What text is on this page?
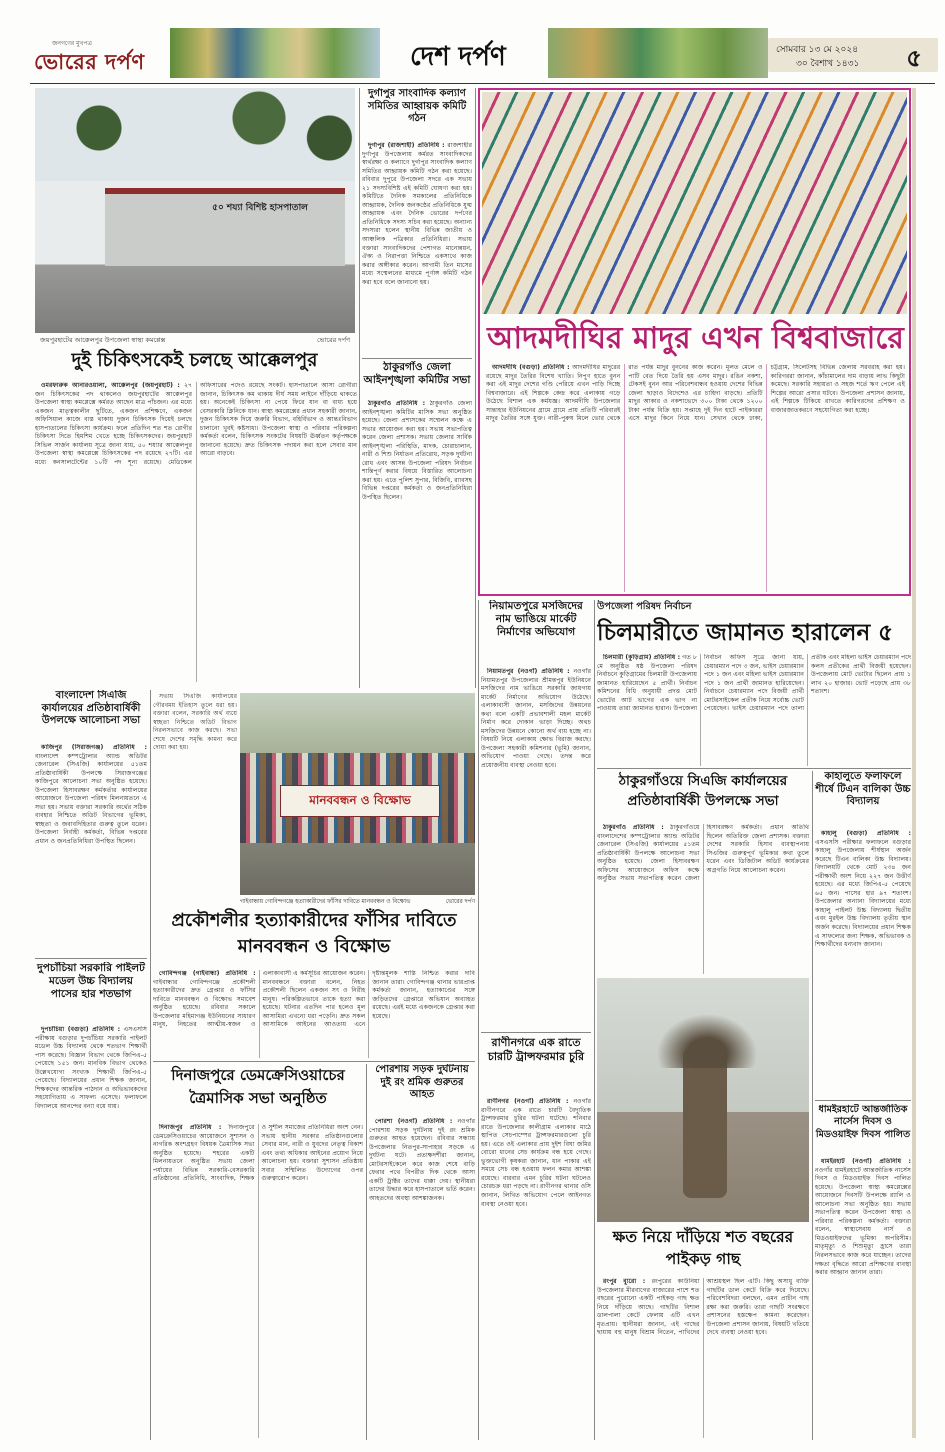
জনগণের মুখপত্র
ভোরের দর্পণ	দেশ দর্পণ	সোমবার ১৩ মে ২০২৪
৩০ বৈশাখ ১৪৩১	৫
৫০ শয্যা বিশিষ্ট হাসপাতাল
জয়পুরহাটের আক্কেলপুর উপজেলা স্বাস্থ্য কমপ্লেক্স	ভোরের দর্পণ
দুই চিকিৎসকেই চলছে আক্কেলপুর

ওমরফারুক আনারওয়ালা, আক্কেলপুর (জয়পুরহাট) : ২৭ জন চিকিৎসকের পদ থাকলেও জয়পুরহাটের আক্কেলপুর উপজেলা স্বাস্থ্য কমপ্লেক্সে কর্মরত আছেন মাত্র পাঁচজন। এর মধ্যে একজন মাতৃত্বকালীন ছুটিতে, একজন প্রশিক্ষণে, একজন অফিসিয়াল কাজে ব্যস্ত থাকায় দুজন চিকিৎসক দিয়েই চলছে হাসপাতালের চিকিৎসা কার্যক্রম। ফলে প্রতিদিন শত শত রোগীর চিকিৎসা দিতে হিমশিম খেতে হচ্ছে চিকিৎসকদের। জয়পুরহাট সিভিল সার্জন কার্যালয় সূত্রে জানা যায়, ৫০ শয্যার আক্কেলপুর উপজেলা স্বাস্থ্য কমপ্লেক্সে চিকিৎসকের পদ রয়েছে ২৭টি। এর মধ্যে কনসালটেন্টের ১০টি পদ শূন্য রয়েছে। মেডিকেল অফিসারের পদেও রয়েছে সংকট। হাসপাতালে আসা রোগীরা জানান, চিকিৎসক কম থাকায় দীর্ঘ সময় লাইনে দাঁড়িয়ে থাকতে হয়। অনেকেই চিকিৎসা না পেয়ে ফিরে যান বা বাধ্য হয়ে বেসরকারি ক্লিনিকে যান। স্বাস্থ্য কমপ্লেক্সের প্রধান সহকারী জানান, দুজন চিকিৎসক দিয়ে জরুরি বিভাগ, বহির্বিভাগ ও আন্তঃবিভাগ চালানো খুবই কষ্টসাধ্য। উপজেলা স্বাস্থ্য ও পরিবার পরিকল্পনা কর্মকর্তা বলেন, চিকিৎসক সংকটের বিষয়টি ঊর্ধ্বতন কর্তৃপক্ষকে জানানো হয়েছে। দ্রুত চিকিৎসক পদায়ন করা হলে সেবার মান আরো বাড়বে।

দুর্গাপুর সাংবাদিক কল্যাণ সমিতির আহ্বায়ক কমিটি গঠন

দুর্গাপুর (রাজশাহী) প্রতিনিধি : রাজশাহীর দুর্গাপুর উপজেলায় কর্মরত সাংবাদিকদের স্বার্থরক্ষা ও কল্যাণে দুর্গাপুর সাংবাদিক কল্যাণ সমিতির আহ্বায়ক কমিটি গঠন করা হয়েছে। রবিবার দুপুরে উপজেলা সদরে এক সভায় ২১ সদস্যবিশিষ্ট এই কমিটি ঘোষণা করা হয়। কমিটিতে দৈনিক সমকালের প্রতিনিধিকে আহ্বায়ক, দৈনিক জনকণ্ঠের প্রতিনিধিকে যুগ্ম আহ্বায়ক এবং দৈনিক ভোরের দর্পণের প্রতিনিধিকে সদস্য সচিব করা হয়েছে। অন্যান্য সদস্যরা হলেন স্থানীয় বিভিন্ন জাতীয় ও আঞ্চলিক পত্রিকার প্রতিনিধিরা। সভায় বক্তারা সাংবাদিকদের পেশাগত মানোন্নয়ন, ঐক্য ও নিরাপত্তা নিশ্চিতে একসাথে কাজ করার অঙ্গীকার করেন। আগামী তিন মাসের মধ্যে সম্মেলনের মাধ্যমে পূর্ণাঙ্গ কমিটি গঠন করা হবে বলে জানানো হয়।

ঠাকুরগাঁও জেলা আইনশৃঙ্খলা কমিটির সভা

ঠাকুরগাঁও প্রতিনিধি : ঠাকুরগাঁও জেলা আইনশৃঙ্খলা কমিটির মাসিক সভা অনুষ্ঠিত হয়েছে। জেলা প্রশাসকের সম্মেলন কক্ষে এ সভার আয়োজন করা হয়। সভায় সভাপতিত্ব করেন জেলা প্রশাসক। সভায় জেলার সার্বিক আইনশৃঙ্খলা পরিস্থিতি, মাদক, চোরাচালান, নারী ও শিশু নির্যাতন প্রতিরোধ, সড়ক দুর্ঘটনা রোধ এবং আসন্ন উপজেলা পরিষদ নির্বাচন শান্তিপূর্ণ করার বিষয়ে বিস্তারিত আলোচনা করা হয়। এতে পুলিশ সুপার, বিজিবি, র‍্যাবসহ বিভিন্ন দপ্তরের কর্মকর্তা ও জনপ্রতিনিধিরা উপস্থিত ছিলেন।

আদমদীঘির মাদুর এখন বিশ্ববাজারে

আদমদীঘি (বগুড়া) প্রতিনিধি : আদমদীঘির মাদুরের রয়েছে মাদুর তৈরির বিশেষ খ্যাতি। নিপুণ হাতে বুনন করা এই মাদুর দেশের গণ্ডি পেরিয়ে এখন পাড়ি দিচ্ছে বিশ্ববাজারে। এই শিল্পকে কেন্দ্র করে এলাকায় গড়ে উঠেছে বিশাল এক কর্মযজ্ঞ। আদমদীঘি উপজেলার সান্তাহার ইউনিয়নের গ্রামে গ্রামে প্রায় প্রতিটি পরিবারই মাদুর তৈরির সঙ্গে যুক্ত। নারী-পুরুষ মিলে ভোর থেকে রাত পর্যন্ত মাদুর বুননের কাজ করেন। মূলত মেলে ও পাটি বেত দিয়ে তৈরি হয় এসব মাদুর। রঙিন নকশা, টেকসই বুনন আর পরিবেশবান্ধব হওয়ায় দেশের বিভিন্ন জেলা ছাড়াও বিদেশেও এর চাহিদা বাড়ছে। প্রতিটি মাদুর আকার ও নকশাভেদে ৩০০ টাকা থেকে ১২০০ টাকা পর্যন্ত বিক্রি হয়। সপ্তাহে দুই দিন হাটে পাইকাররা এসে মাদুর কিনে নিয়ে যান। সেখান থেকে ঢাকা, চট্টগ্রাম, সিলেটসহ বিভিন্ন জেলায় সরবরাহ করা হয়। কারিগররা জানান, কাঁচামালের দাম বাড়ায় লাভ কিছুটা কমেছে। সরকারি সহায়তা ও সহজ শর্তে ঋণ পেলে এই শিল্পের আরো প্রসার ঘটবে। উপজেলা প্রশাসন জানায়, এই শিল্পকে টিকিয়ে রাখতে কারিগরদের প্রশিক্ষণ ও বাজারজাতকরণে সহযোগিতা করা হচ্ছে।

মানববন্ধন ও বিক্ষোভ
গাইবান্ধায় গোবিন্দগঞ্জে হত্যাকারীদের ফাঁসির দাবিতে মানববন্ধন ও বিক্ষোভ	ভোরের দর্পণ
বাংলাদেশ সিএজি কার্যালয়ের প্রতিষ্ঠাবার্ষিকী উপলক্ষে আলোচনা সভা

কাজিপুর (সিরাজগঞ্জ) প্রতিনিধি : বাংলাদেশ কম্পট্রোলার অ্যান্ড অডিটর জেনারেল (সিএজি) কার্যালয়ের ৫১তম প্রতিষ্ঠাবার্ষিকী উপলক্ষে সিরাজগঞ্জের কাজিপুরে আলোচনা সভা অনুষ্ঠিত হয়েছে। উপজেলা হিসাবরক্ষণ কর্মকর্তার কার্যালয়ের আয়োজনে উপজেলা পরিষদ মিলনায়তনে এ সভা হয়। সভায় বক্তারা সরকারি অর্থের সঠিক ব্যবহার নিশ্চিতে অডিট বিভাগের ভূমিকা, স্বচ্ছতা ও জবাবদিহিতার গুরুত্ব তুলে ধরেন। উপজেলা নির্বাহী কর্মকর্তা, বিভিন্ন দপ্তরের প্রধান ও জনপ্রতিনিধিরা উপস্থিত ছিলেন।

দুপচাঁচিয়া সরকারি পাইলট মডেল উচ্চ বিদ্যালয় পাসের হার শতভাগ

দুপচাঁচিয়া (বগুড়া) প্রতিনিধি : এসএসসি পরীক্ষায় বগুড়ার দুপচাঁচিয়া সরকারি পাইলট মডেল উচ্চ বিদ্যালয় থেকে শতভাগ শিক্ষার্থী পাস করেছে। বিজ্ঞান বিভাগ থেকে জিপিএ-৫ পেয়েছে ১৫১ জন। মানবিক বিভাগ থেকেও উল্লেখযোগ্য সংখ্যক শিক্ষার্থী জিপিএ-৫ পেয়েছে। বিদ্যালয়ের প্রধান শিক্ষক জানান, শিক্ষকদের আন্তরিক পাঠদান ও অভিভাবকদের সহযোগিতায় এ সাফল্য এসেছে। ফলাফলে বিদ্যালয়ে আনন্দের বন্যা বয়ে যায়।

সভায় সিএজি কার্যালয়ের গৌরবময় ইতিহাস তুলে ধরা হয়। বক্তারা বলেন, সরকারি অর্থ ব্যয়ে স্বচ্ছতা নিশ্চিতে অডিট বিভাগ নিরলসভাবে কাজ করছে। সভা শেষে দেশের সমৃদ্ধি কামনা করে দোয়া করা হয়।

প্রকৌশলীর হত্যাকারীদের ফাঁসির দাবিতে মানববন্ধন ও বিক্ষোভ

গোবিন্দগঞ্জ (গাইবান্ধা) প্রতিনিধি : গাইবান্ধার গোবিন্দগঞ্জে প্রকৌশলী হত্যাকারীদের দ্রুত গ্রেপ্তার ও ফাঁসির দাবিতে মানববন্ধন ও বিক্ষোভ সমাবেশ অনুষ্ঠিত হয়েছে। রবিবার সকালে উপজেলার মহিমাগঞ্জ ইউনিয়নের সাধারণ মানুষ, নিহতের আত্মীয়-স্বজন ও এলাকাবাসী এ কর্মসূচির আয়োজন করেন। মানববন্ধনে বক্তারা বলেন, নিহত প্রকৌশলী ছিলেন একজন সৎ ও নিরীহ মানুষ। পরিকল্পিতভাবে তাকে হত্যা করা হয়েছে। ঘটনার এতদিন পার হলেও মূল আসামিরা এখনো ধরা পড়েনি। দ্রুত সকল আসামিকে আইনের আওতায় এনে দৃষ্টান্তমূলক শাস্তি নিশ্চিত করার দাবি জানান তারা। গোবিন্দগঞ্জ থানার ভারপ্রাপ্ত কর্মকর্তা জানান, হত্যাকাণ্ডের সঙ্গে জড়িতদের গ্রেপ্তারে অভিযান অব্যাহত রয়েছে। এরই মধ্যে একজনকে গ্রেপ্তার করা হয়েছে।

দিনাজপুরে ডেমক্রেসিওয়াচের ত্রৈমাসিক সভা অনুষ্ঠিত

দিনাজপুর প্রতিনিধি : দিনাজপুরে ডেমক্রেসিওয়াচের আয়োজনে সুশাসন ও নাগরিক অংশগ্রহণ বিষয়ক ত্রৈমাসিক সভা অনুষ্ঠিত হয়েছে। শহরের একটি মিলনায়তনে অনুষ্ঠিত সভায় জেলা পর্যায়ের বিভিন্ন সরকারি-বেসরকারি প্রতিষ্ঠানের প্রতিনিধি, সাংবাদিক, শিক্ষক ও সুশীল সমাজের প্রতিনিধিরা অংশ নেন। সভায় স্থানীয় সরকার প্রতিষ্ঠানগুলোর সেবার মান, নারী ও যুবদের নেতৃত্ব বিকাশ এবং তথ্য অধিকার আইনের প্রয়োগ নিয়ে আলোচনা হয়। বক্তারা সুশাসন প্রতিষ্ঠায় সবার সম্মিলিত উদ্যোগের ওপর গুরুত্বারোপ করেন।

পোরশায় সড়ক দুর্ঘটনায় দুই রং শ্রমিক গুরুতর আহত

পোরশা (নওগাঁ) প্রতিনিধি : নওগাঁর পোরশায় সড়ক দুর্ঘটনায় দুই রং শ্রমিক গুরুতর আহত হয়েছেন। রবিবার সন্ধ্যায় উপজেলার নিতপুর-সাপাহার সড়কে এ দুর্ঘটনা ঘটে। প্রত্যক্ষদর্শীরা জানান, মোটরসাইকেলে করে কাজ শেষে বাড়ি ফেরার পথে বিপরীত দিক থেকে আসা একটি ট্রাক্টর তাদের ধাক্কা দেয়। স্থানীয়রা তাদের উদ্ধার করে হাসপাতালে ভর্তি করেন। আহতদের অবস্থা আশঙ্কাজনক।

নিয়ামতপুরে মসজিদের নাম ভাঙিয়ে মার্কেট নির্মাণের অভিযোগ

নিয়ামতপুর (নওগাঁ) প্রতিনিধি : নওগাঁর নিয়ামতপুর উপজেলার শ্রীমন্তপুর ইউনিয়নে মসজিদের নাম ভাঙিয়ে সরকারি জায়গায় মার্কেট নির্মাণের অভিযোগ উঠেছে। এলাকাবাসী জানান, মসজিদের উন্নয়নের কথা বলে একটি প্রভাবশালী মহল মার্কেট নির্মাণ করে দোকান ভাড়া দিচ্ছে। অথচ মসজিদের উন্নয়নে কোনো অর্থ ব্যয় হচ্ছে না। বিষয়টি নিয়ে এলাকায় ক্ষোভ বিরাজ করছে। উপজেলা সহকারী কমিশনার (ভূমি) জানান, অভিযোগ পাওয়া গেছে। তদন্ত করে প্রয়োজনীয় ব্যবস্থা নেওয়া হবে।

রাণীনগরে এক রাতে চারটি ট্রান্সফরমার চুরি

রাণীনগর (নওগাঁ) প্রতিনিধি : নওগাঁর রাণীনগরে এক রাতে চারটি বৈদ্যুতিক ট্রান্সফরমার চুরির ঘটনা ঘটেছে। শনিবার রাতে উপজেলার কালীগ্রাম এলাকার মাঠে স্থাপিত সেচপাম্পের ট্রান্সফরমারগুলো চুরি হয়। এতে ওই এলাকার প্রায় দুইশ বিঘা জমির বোরো ধানের সেচ কার্যক্রম বন্ধ হয়ে গেছে। ভুক্তভোগী কৃষকরা জানান, ধান পাকার এই সময়ে সেচ বন্ধ হওয়ায় ফলন কমার আশঙ্কা রয়েছে। বারবার এমন চুরির ঘটনা ঘটলেও চোরচক্র ধরা পড়ছে না। রাণীনগর থানার ওসি জানান, লিখিত অভিযোগ পেলে আইনগত ব্যবস্থা নেওয়া হবে।

উপজেলা পরিষদ নির্বাচন
চিলমারীতে জামানত হারালেন ৫

চিলমারী (কুড়িগ্রাম) প্রতিনিধি : গত ৮ মে অনুষ্ঠিত ষষ্ঠ উপজেলা পরিষদ নির্বাচনে কুড়িগ্রামের চিলমারী উপজেলায় জামানত হারিয়েছেন ৫ প্রার্থী। নির্বাচন কমিশনের বিধি অনুযায়ী প্রদত্ত মোট ভোটের আট ভাগের এক ভাগ না পাওয়ায় তারা জামানত হারান। উপজেলা নির্বাচন অফিস সূত্রে জানা যায়, চেয়ারম্যান পদে ৩ জন, ভাইস চেয়ারম্যান পদে ১ জন এবং মহিলা ভাইস চেয়ারম্যান পদে ১ জন প্রার্থী জামানত হারিয়েছেন। নির্বাচনে চেয়ারম্যান পদে বিজয়ী প্রার্থী মোটরসাইকেল প্রতীক নিয়ে সর্বোচ্চ ভোট পেয়েছেন। ভাইস চেয়ারম্যান পদে তালা প্রতীক এবং মহিলা ভাইস চেয়ারম্যান পদে কলস প্রতীকের প্রার্থী বিজয়ী হয়েছেন। উপজেলায় মোট ভোটার ছিলেন প্রায় ১ লাখ ২০ হাজার। ভোট পড়েছে প্রায় ৩৮ শতাংশ।

ঠাকুরগাঁওয়ে সিএজি কার্যালয়ের প্রতিষ্ঠাবার্ষিকী উপলক্ষে সভা

ঠাকুরগাঁও প্রতিনিধি : ঠাকুরগাঁওয়ে বাংলাদেশের কম্পট্রোলার অ্যান্ড অডিটর জেনারেল (সিএজি) কার্যালয়ের ৫১তম প্রতিষ্ঠাবার্ষিকী উপলক্ষে আলোচনা সভা অনুষ্ঠিত হয়েছে। জেলা হিসাবরক্ষণ অফিসের আয়োজনে অফিস কক্ষে অনুষ্ঠিত সভায় সভাপতিত্ব করেন জেলা হিসাবরক্ষণ কর্মকর্তা। প্রধান অতিথি ছিলেন অতিরিক্ত জেলা প্রশাসক। বক্তারা দেশের সরকারি হিসাব ব্যবস্থাপনায় সিএজির গুরুত্বপূর্ণ ভূমিকার কথা তুলে ধরেন এবং ডিজিটাল অডিট কার্যক্রমের অগ্রগতি নিয়ে আলোচনা করেন।

কাহালুতে ফলাফলে শীর্ষে টিএন বালিকা উচ্চ বিদ্যালয়

কাহালু (বগুড়া) প্রতিনিধি : এসএসসি পরীক্ষার ফলাফলে বগুড়ার কাহালু উপজেলায় শীর্ষস্থান অর্জন করেছে টিএন বালিকা উচ্চ বিদ্যালয়। বিদ্যালয়টি থেকে মোট ২৩৪ জন পরীক্ষার্থী অংশ নিয়ে ২২৭ জন উত্তীর্ণ হয়েছে। এর মধ্যে জিপিএ-৫ পেয়েছে ৬৫ জন। পাসের হার ৯৭ শতাংশ। উপজেলার অন্যান্য বিদ্যালয়ের মধ্যে কাহালু পাইলট উচ্চ বিদ্যালয় দ্বিতীয় এবং মুরইল উচ্চ বিদ্যালয় তৃতীয় স্থান অর্জন করেছে। বিদ্যালয়ের প্রধান শিক্ষক এ সাফল্যের জন্য শিক্ষক, অভিভাবক ও শিক্ষার্থীদের ধন্যবাদ জানান।

ধামইরহাটে আন্তর্জাতিক নার্সেস দিবস ও মিডওয়াইফ দিবস পালিত

ধামইরহাট (নওগাঁ) প্রতিনিধি : নওগাঁর ধামইরহাটে আন্তর্জাতিক নার্সেস দিবস ও মিডওয়াইফ দিবস পালিত হয়েছে। উপজেলা স্বাস্থ্য কমপ্লেক্সের আয়োজনে দিবসটি উপলক্ষে র‍্যালি ও আলোচনা সভা অনুষ্ঠিত হয়। সভায় সভাপতিত্ব করেন উপজেলা স্বাস্থ্য ও পরিবার পরিকল্পনা কর্মকর্তা। বক্তারা বলেন, স্বাস্থ্যসেবায় নার্স ও মিডওয়াইফদের ভূমিকা অপরিসীম। মাতৃমৃত্যু ও শিশুমৃত্যু হ্রাসে তারা নিরলসভাবে কাজ করে যাচ্ছেন। তাদের দক্ষতা বৃদ্ধিতে আরো প্রশিক্ষণের ব্যবস্থা করার আহ্বান জানান তারা।

ক্ষত নিয়ে দাঁড়িয়ে শত বছরের পাইকড় গাছ

রংপুর ব্যুরো : রংপুরের কাউনিয়া উপজেলার মীরবাগের বাজারের পাশে শত বছরের পুরোনো একটি পাইকড় গাছ ক্ষত নিয়ে দাঁড়িয়ে আছে। গাছটির বিশাল ডালপালা কেটে ফেলায় এটি এখন মৃতপ্রায়। স্থানীয়রা জানান, এই গাছের ছায়ায় বহু মানুষ বিশ্রাম নিতেন, পাখিদের আশ্রয়স্থল ছিল এটি। কিছু অসাধু ব্যক্তি গাছটির ডাল কেটে বিক্রি করে দিয়েছে। পরিবেশবিদরা বলছেন, এমন প্রাচীন গাছ রক্ষা করা জরুরি। তারা গাছটি সংরক্ষণে প্রশাসনের হস্তক্ষেপ কামনা করেছেন। উপজেলা প্রশাসন জানায়, বিষয়টি খতিয়ে দেখে ব্যবস্থা নেওয়া হবে।
